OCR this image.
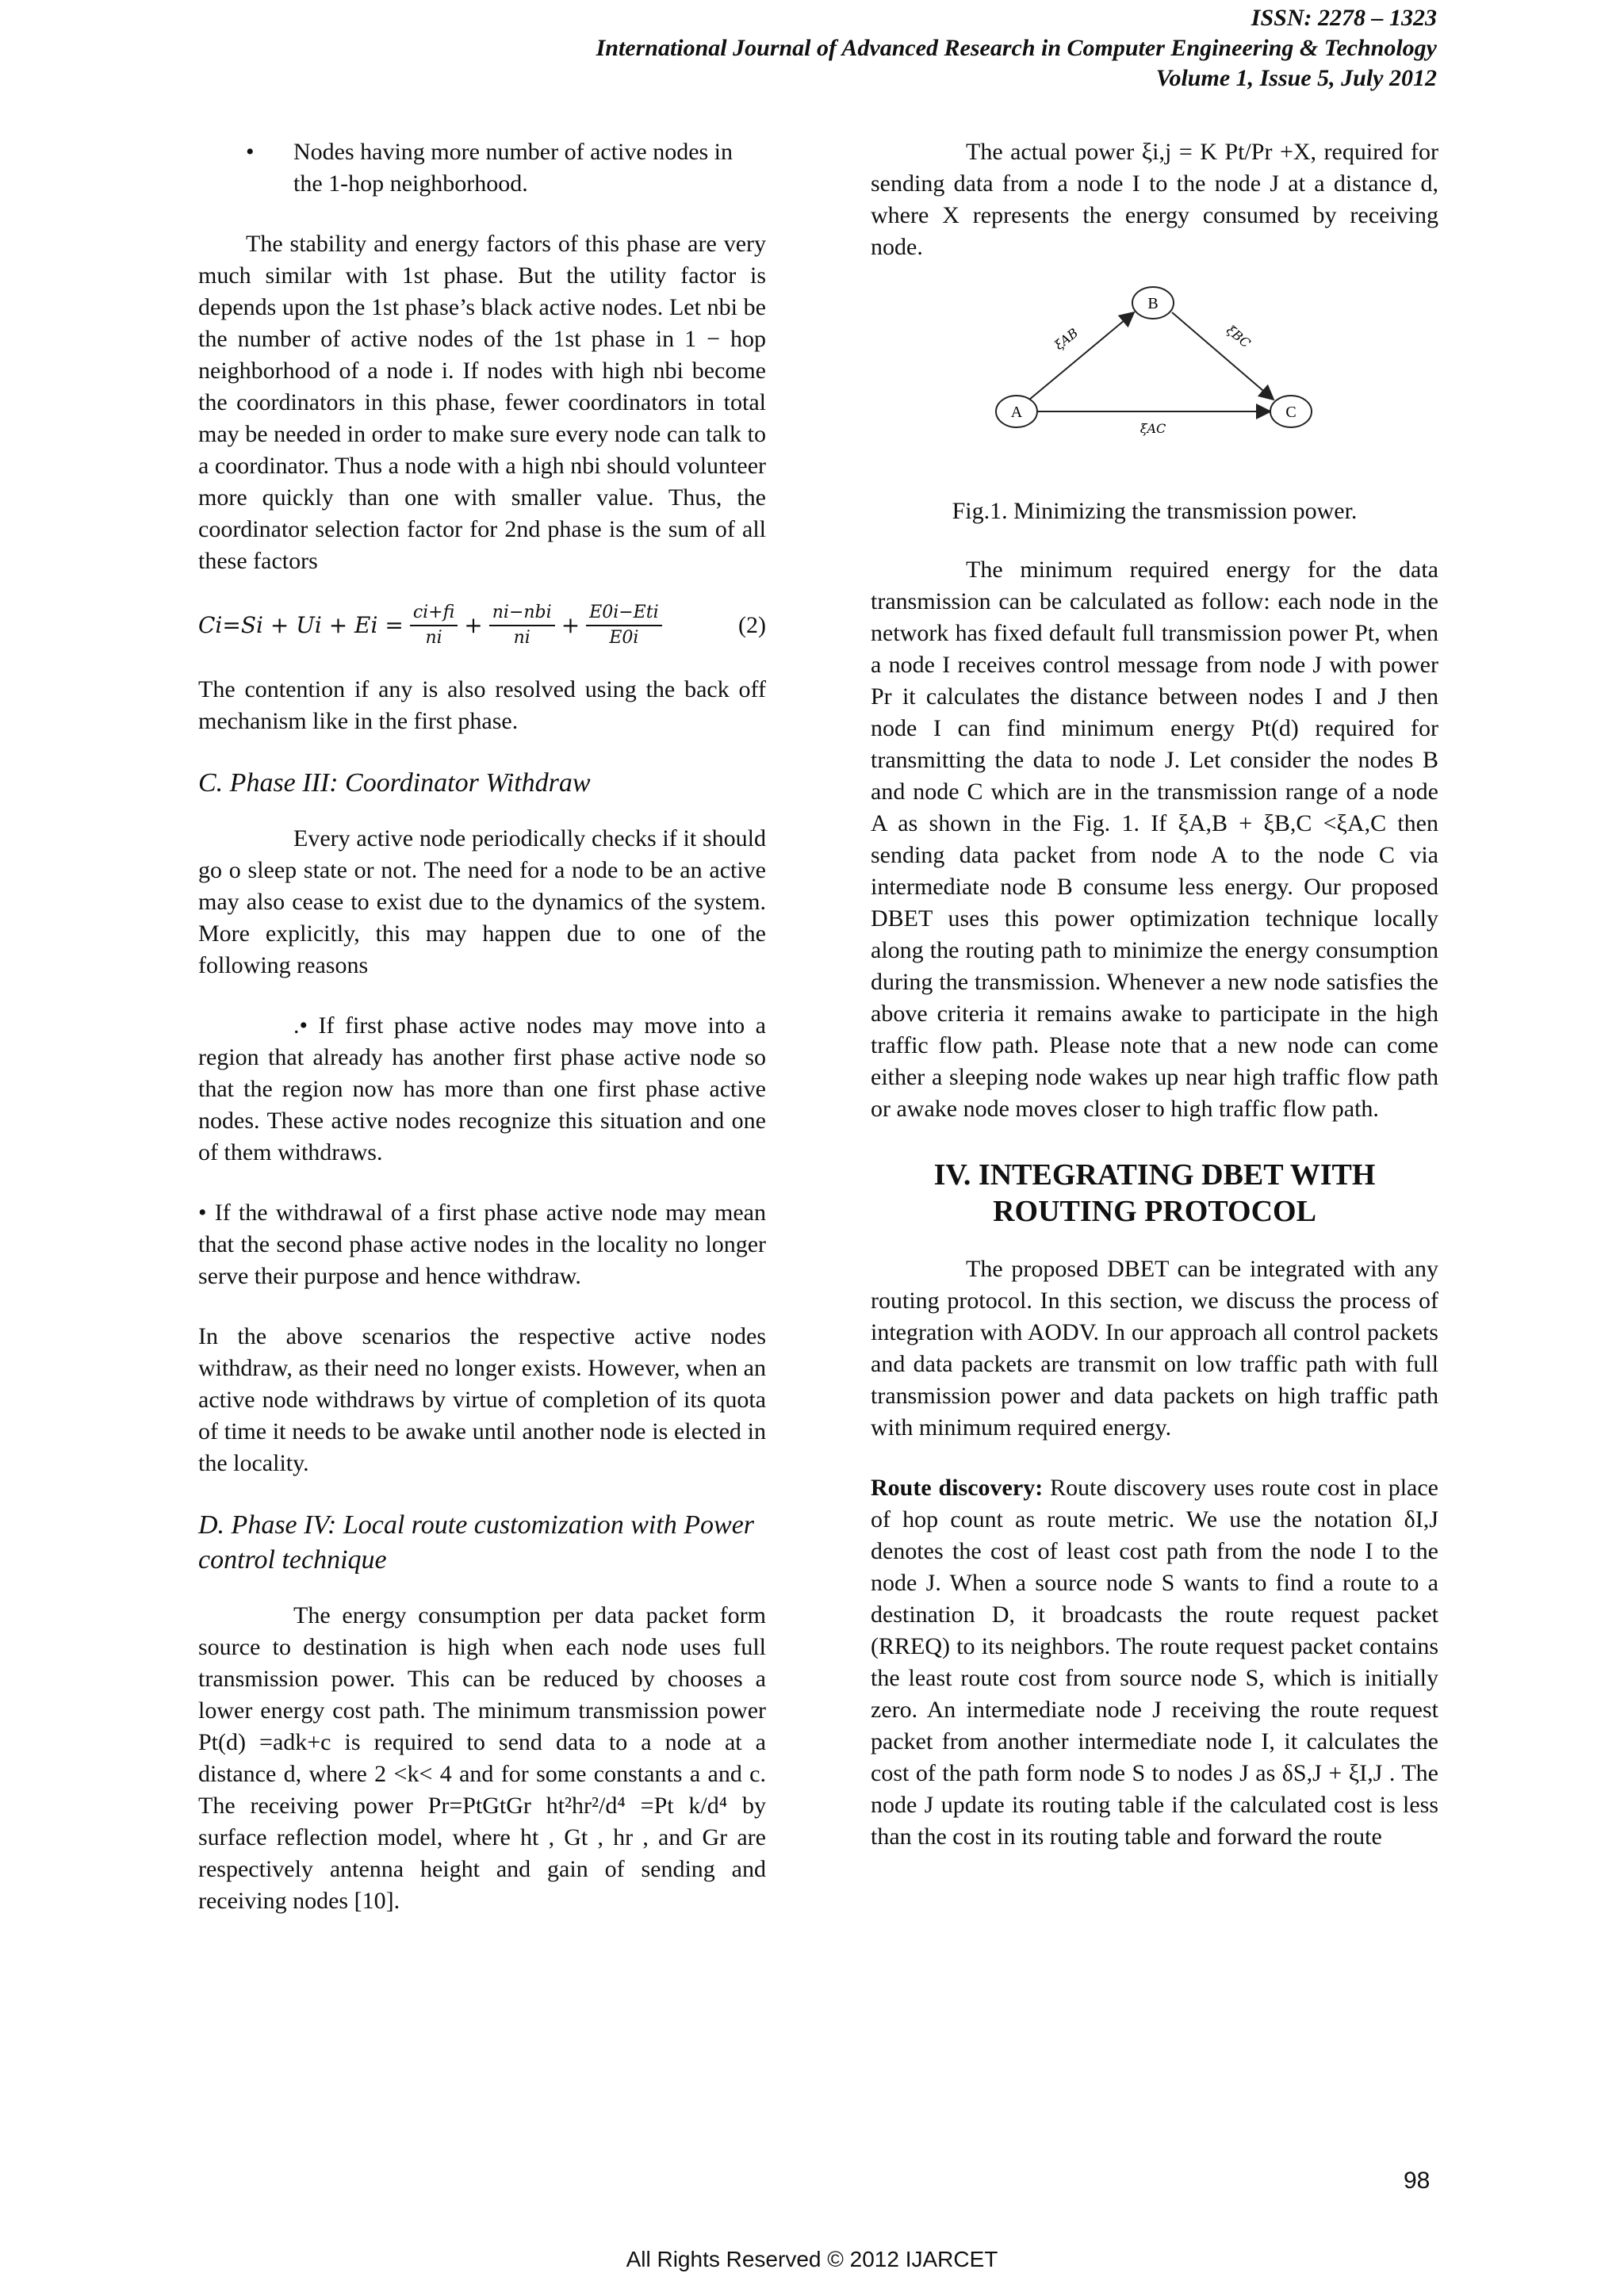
ISSN: 2278 – 1323
International Journal of Advanced Research in Computer Engineering & Technology
Volume 1, Issue 5, July 2012
•	Nodes having more number of active nodes in the 1-hop neighborhood.

The stability and energy factors of this phase are very much similar with 1st phase. But the utility factor is depends upon the 1st phase’s black active nodes. Let nbi be the number of active nodes of the 1st phase in 1 − hop neighborhood of a node i. If nodes with high nbi become the coordinators in this phase, fewer coordinators in total may be needed in order to make sure every node can talk to a coordinator. Thus a node with a high nbi should volunteer more quickly than one with smaller value. Thus, the coordinator selection factor for 2nd phase is the sum of all these factors

$Ci=Si + Ui + Ei = \frac{ci+fi}{ni} + \frac{\text{ni−nbi}}{ni} + \frac{\text{E0i−Eti}}{E0i}$	(2)

The contention if any is also resolved using the back off mechanism like in the first phase.

C. Phase III: Coordinator Withdraw

Every active node periodically checks if it should go o sleep state or not. The need for a node to be an active may also cease to exist due to the dynamics of the system. More explicitly, this may happen due to one of the following reasons

.• If first phase active nodes may move into a region that already has another first phase active node so that the region now has more than one first phase active nodes. These active nodes recognize this situation and one of them withdraws.

• If the withdrawal of a first phase active node may mean that the second phase active nodes in the locality no longer serve their purpose and hence withdraw.

In the above scenarios the respective active nodes withdraw, as their need no longer exists. However, when an active node withdraws by virtue of completion of its quota of time it needs to be awake until another node is elected in the locality.

D. Phase IV: Local route customization with Power control technique

The energy consumption per data packet form source to destination is high when each node uses full transmission power. This can be reduced by chooses a lower energy cost path. The minimum transmission power Pt(d) =adk+c is required to send data to a node at a distance d, where 2 <k< 4 and for some constants a and c. The receiving power Pr=PtGtGr ht²hr²/d⁴ =Pt k/d⁴ by surface reflection model, where ht , Gt , hr , and Gr are respectively antenna height and gain of sending and receiving nodes [10].

The actual power ξi,j = K Pt/Pr +X, required for sending data from a node I to the node J at a distance d, where X represents the energy consumed by receiving node.

B
A	C
ξAB	ξBC
ξAC
Fig.1. Minimizing the transmission power.

The minimum required energy for the data transmission can be calculated as follow: each node in the network has fixed default full transmission power Pt, when a node I receives control message from node J with power Pr it calculates the distance between nodes I and J then node I can find minimum energy Pt(d) required for transmitting the data to node J. Let consider the nodes B and node C which are in the transmission range of a node A as shown in the Fig. 1. If ξA,B + ξB,C <ξA,C then sending data packet from node A to the node C via intermediate node B consume less energy. Our proposed DBET uses this power optimization technique locally along the routing path to minimize the energy consumption during the transmission. Whenever a new node satisfies the above criteria it remains awake to participate in the high traffic flow path. Please note that a new node can come either a sleeping node wakes up near high traffic flow path or awake node moves closer to high traffic flow path.

IV. INTEGRATING DBET WITH ROUTING PROTOCOL

The proposed DBET can be integrated with any routing protocol. In this section, we discuss the process of integration with AODV. In our approach all control packets and data packets are transmit on low traffic path with full transmission power and data packets on high traffic path with minimum required energy.

Route discovery: Route discovery uses route cost in place of hop count as route metric. We use the notation δI,J denotes the cost of least cost path from the node I to the node J. When a source node S wants to find a route to a destination D, it broadcasts the route request packet (RREQ) to its neighbors. The route request packet contains the least route cost from source node S, which is initially zero. An intermediate node J receiving the route request packet from another intermediate node I, it calculates the cost of the path form node S to nodes J as δS,J + ξI,J . The node J update its routing table if the calculated cost is less than the cost in its routing table and forward the route

98
All Rights Reserved © 2012 IJARCET
